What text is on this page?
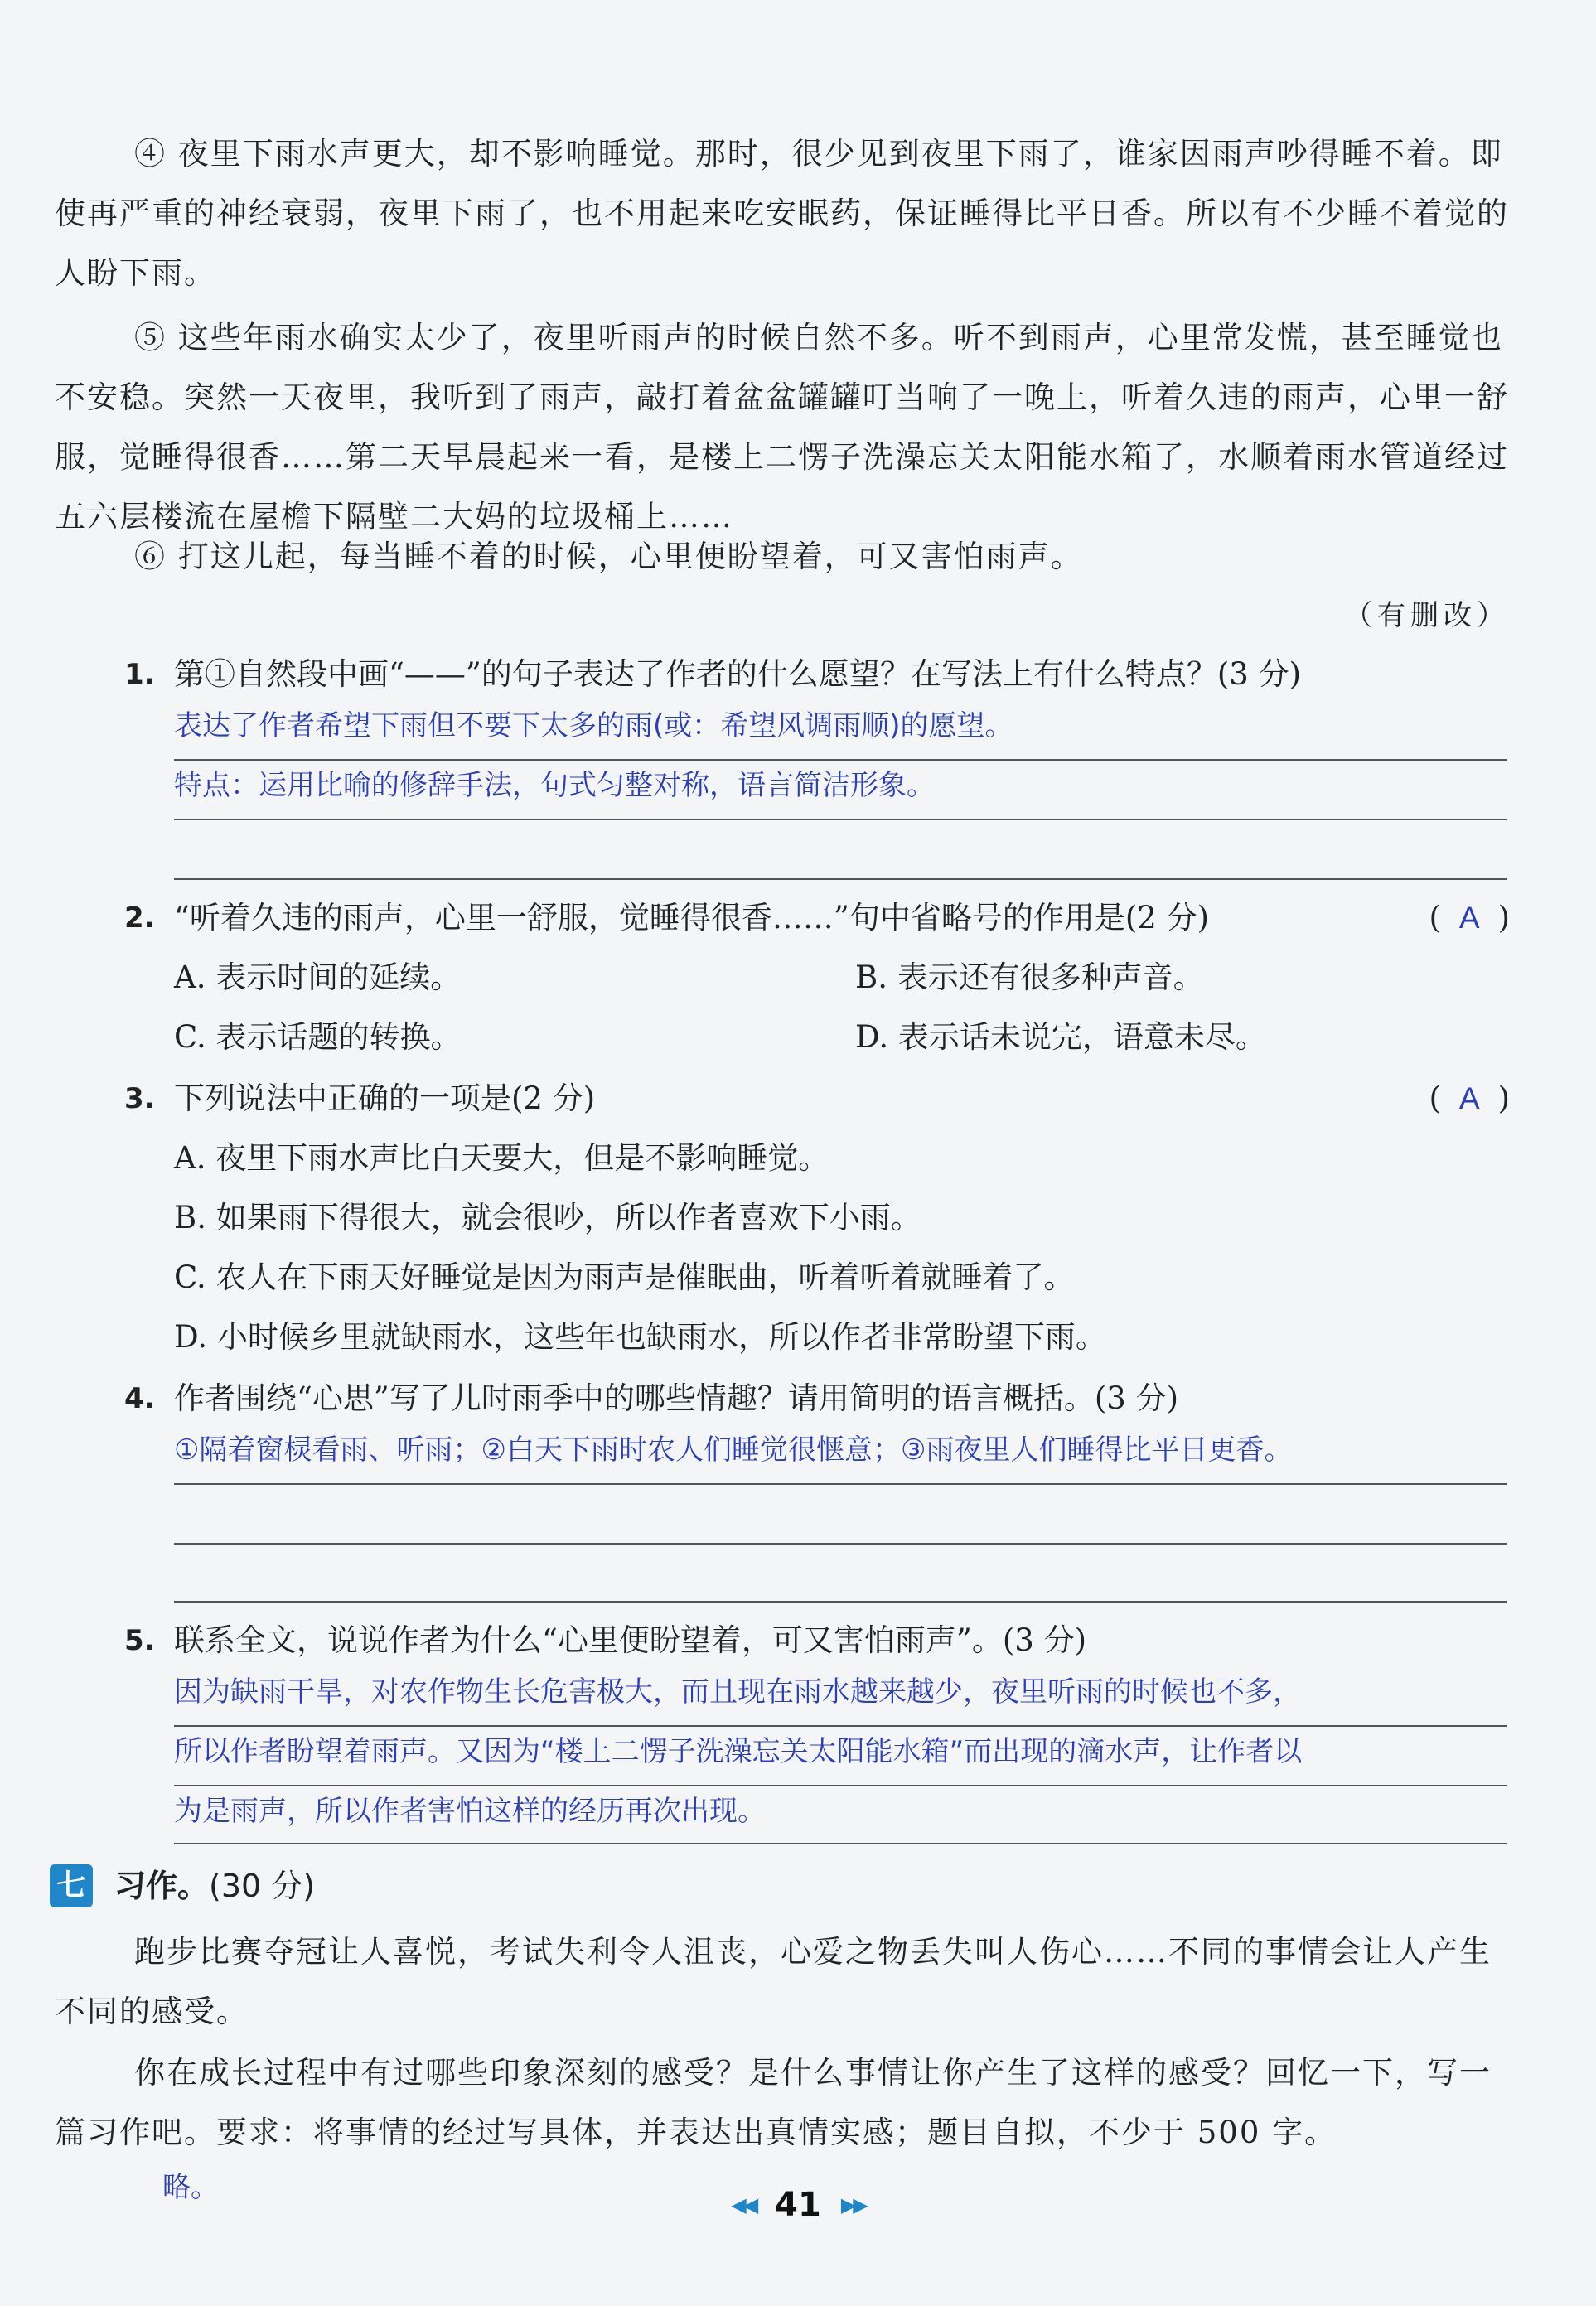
④ 夜里下雨水声更大，却不影响睡觉。那时，很少见到夜里下雨了，谁家因雨声吵得睡不着。即使再严重的神经衰弱，夜里下雨了，也不用起来吃安眠药，保证睡得比平日香。所以有不少睡不着觉的人盼下雨。
⑤ 这些年雨水确实太少了，夜里听雨声的时候自然不多。听不到雨声，心里常发慌，甚至睡觉也不安稳。突然一天夜里，我听到了雨声，敲打着盆盆罐罐叮当响了一晚上，听着久违的雨声，心里一舒服，觉睡得很香……第二天早晨起来一看，是楼上二愣子洗澡忘关太阳能水箱了，水顺着雨水管道经过五六层楼流在屋檐下隔壁二大妈的垃圾桶上……
⑥ 打这儿起，每当睡不着的时候，心里便盼望着，可又害怕雨声。
（有删改）
1. 第①自然段中画“——”的句子表达了作者的什么愿望？在写法上有什么特点？(3 分)
表达了作者希望下雨但不要下太多的雨(或：希望风调雨顺)的愿望。
特点：运用比喻的修辞手法，句式匀整对称，语言简洁形象。
2. “听着久违的雨声，心里一舒服，觉睡得很香……”句中省略号的作用是(2 分)	( A )
A. 表示时间的延续。	B. 表示还有很多种声音。
C. 表示话题的转换。	D. 表示话未说完，语意未尽。
3. 下列说法中正确的一项是(2 分)	( A )
A. 夜里下雨水声比白天要大，但是不影响睡觉。
B. 如果雨下得很大，就会很吵，所以作者喜欢下小雨。
C. 农人在下雨天好睡觉是因为雨声是催眠曲，听着听着就睡着了。
D. 小时候乡里就缺雨水，这些年也缺雨水，所以作者非常盼望下雨。
4. 作者围绕“心思”写了儿时雨季中的哪些情趣？请用简明的语言概括。(3 分)
①隔着窗棂看雨、听雨；②白天下雨时农人们睡觉很惬意；③雨夜里人们睡得比平日更香。
5. 联系全文，说说作者为什么“心里便盼望着，可又害怕雨声”。(3 分)
因为缺雨干旱，对农作物生长危害极大，而且现在雨水越来越少，夜里听雨的时候也不多，
所以作者盼望着雨声。又因为“楼上二愣子洗澡忘关太阳能水箱”而出现的滴水声，让作者以
为是雨声，所以作者害怕这样的经历再次出现。
七 习作。(30 分)
跑步比赛夺冠让人喜悦，考试失利令人沮丧，心爱之物丢失叫人伤心……不同的事情会让人产生不同的感受。
你在成长过程中有过哪些印象深刻的感受？是什么事情让你产生了这样的感受？回忆一下，写一篇习作吧。要求：将事情的经过写具体，并表达出真情实感；题目自拟，不少于 500 字。
略。
◀◀ 41 ▶▶
